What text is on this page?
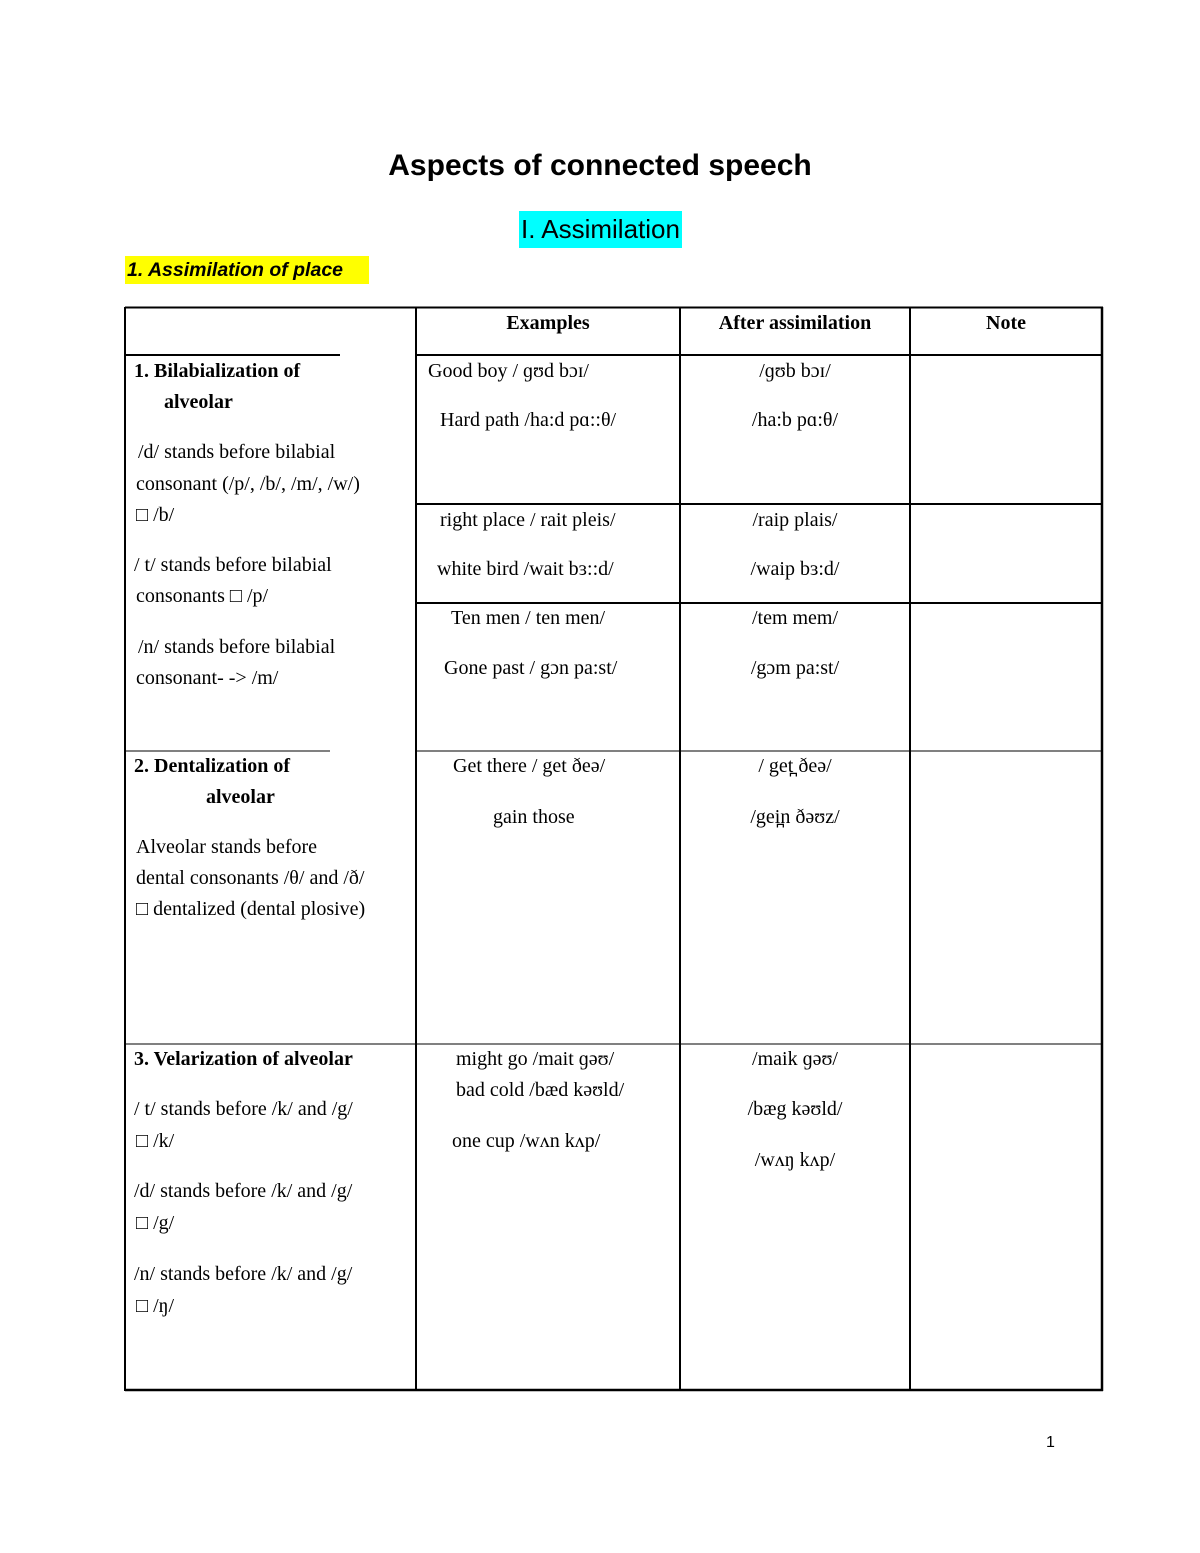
Aspects of connected speech
I. Assimilation
1. Assimilation of place
Examples	After assimilation	Note
1. Bilabialization of
alveolar
/d/ stands before bilabial
consonant (/p/, /b/, /m/, /w/)
□ /b/
/ t/ stands before bilabial
consonants □ /p/
/n/ stands before bilabial
consonant- -> /m/
Good boy / ɡʊd bɔɪ/
Hard path /ha:d pɑ::θ/
/ɡʊb bɔɪ/
/ha:b pɑ:θ/
right place / rait pleis/
white bird /wait bɜ::d/
/raip plais/
/waip bɜ:d/
Ten men / ten men/
Gone past / gɔn pa:st/
/tem mem/
/gɔm pa:st/
2. Dentalization of
alveolar
Alveolar stands before
dental consonants /θ/ and /ð/
□ dentalized (dental plosive)
Get there / get ðeə/
gain those
/ get̪ ðeə/
/gei̪n ðəʊz/
3. Velarization of alveolar
/ t/ stands before /k/ and /g/
□ /k/
/d/ stands before /k/ and /g/
□ /g/
/n/ stands before /k/ and /g/
□ /ŋ/
might go /mait ɡəʊ/
bad cold /bæd kəʊld/
one cup /wʌn kʌp/
/maik ɡəʊ/
/bæg kəʊld/
/wʌŋ kʌp/
1
